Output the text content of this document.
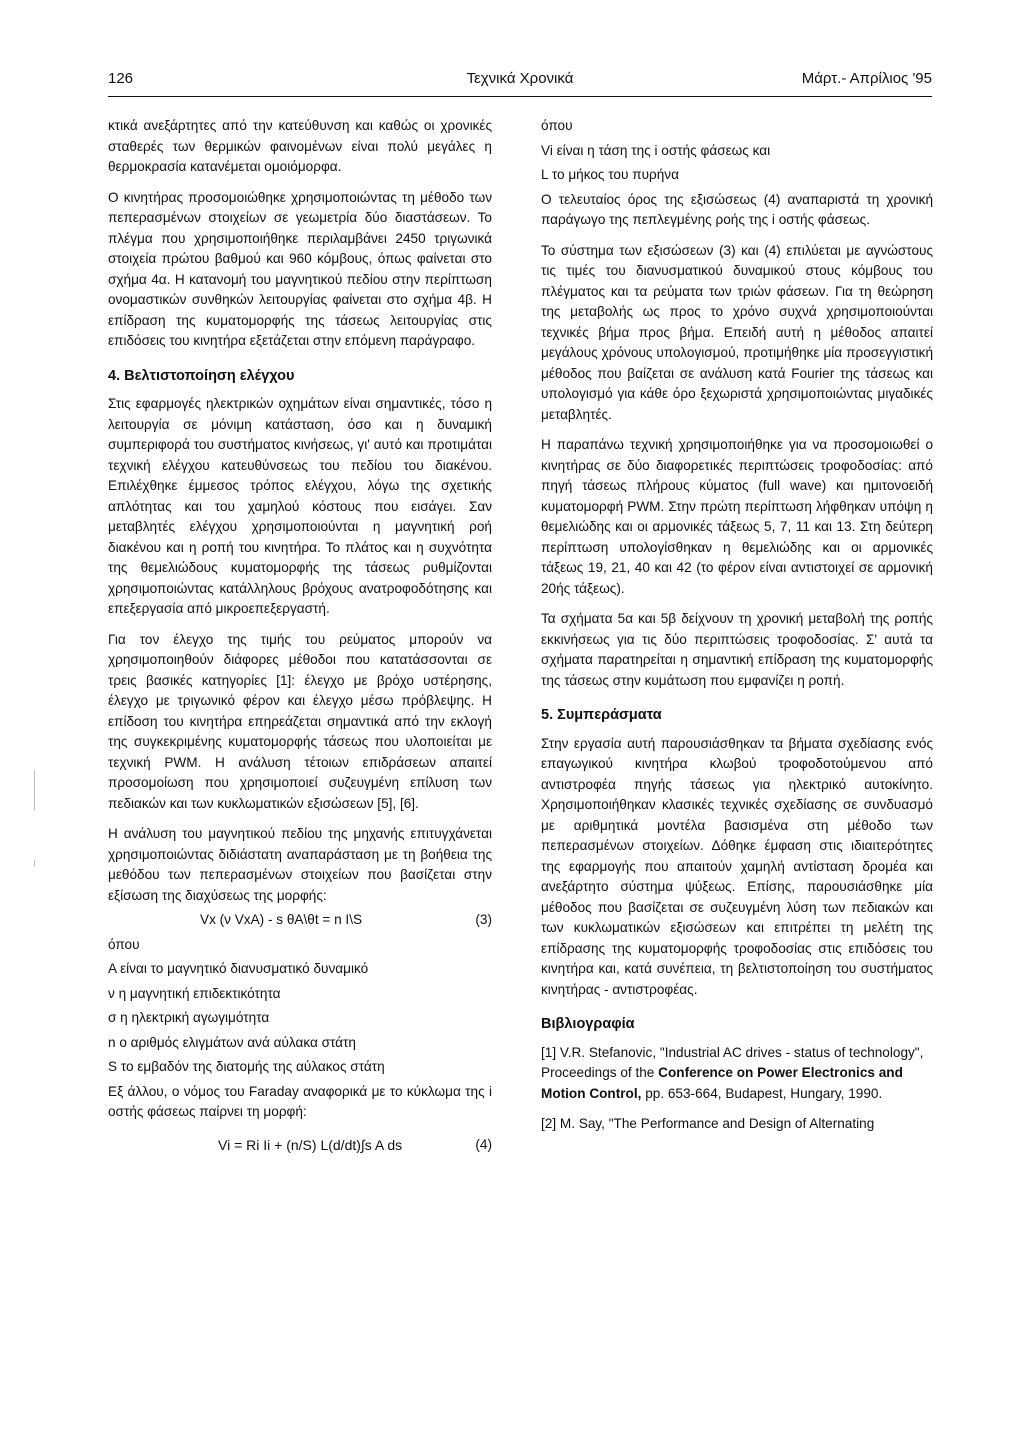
Τεχνικά Χρονικά
126	Μάρτ.- Απρίλιος '95

κτικά ανεξάρτητες από την κατεύθυνση και καθώς οι χρονικές σταθερές των θερμικών φαινομένων είναι πολύ μεγάλες η θερμοκρασία κατανέμεται ομοιόμορφα.

Ο κινητήρας προσομοιώθηκε χρησιμοποιώντας τη μέθοδο των πεπερασμένων στοιχείων σε γεωμετρία δύο διαστάσεων. Το πλέγμα που χρησιμοποιήθηκε περιλαμβάνει 2450 τριγωνικά στοιχεία πρώτου βαθμού και 960 κόμβους, όπως φαίνεται στο σχήμα 4α. Η κατανομή του μαγνητικού πεδίου στην περίπτωση ονομαστικών συνθηκών λειτουργίας φαίνεται στο σχήμα 4β. Η επίδραση της κυματομορφής της τάσεως λειτουργίας στις επιδόσεις του κινητήρα εξετάζεται στην επόμενη παράγραφο.

4. Βελτιστοποίηση ελέγχου

Στις εφαρμογές ηλεκτρικών οχημάτων είναι σημαντικές, τόσο η λειτουργία σε μόνιμη κατάσταση, όσο και η δυναμική συμπεριφορά του συστήματος κινήσεως, γι' αυτό και προτιμάται τεχνική ελέγχου κατευθύνσεως του πεδίου του διακένου. Επιλέχθηκε έμμεσος τρόπος ελέγχου, λόγω της σχετικής απλότητας και του χαμηλού κόστους που εισάγει. Σαν μεταβλητές ελέγχου χρησιμοποιούνται η μαγνητική ροή διακένου και η ροπή του κινητήρα. Το πλάτος και η συχνότητα της θεμελιώδους κυματομορφής της τάσεως ρυθμίζονται χρησιμοποιώντας κατάλληλους βρόχους ανατροφοδότησης και επεξεργασία από μικροεπεξεργαστή.

Για τον έλεγχο της τιμής του ρεύματος μπορούν να χρησιμοποιηθούν διάφορες μέθοδοι που κατατάσσονται σε τρεις βασικές κατηγορίες [1]: έλεγχο με βρόχο υστέρησης, έλεγχο με τριγωνικό φέρον και έλεγχο μέσω πρόβλεψης. Η επίδοση του κινητήρα επηρεάζεται σημαντικά από την εκλογή της συγκεκριμένης κυματομορφής τάσεως που υλοποιείται με τεχνική PWM. Η ανάλυση τέτοιων επιδράσεων απαιτεί προσομοίωση που χρησιμοποιεί συζευγμένη επίλυση των πεδιακών και των κυκλωματικών εξισώσεων [5], [6].

Η ανάλυση του μαγνητικού πεδίου της μηχανής επιτυγχάνεται χρησιμοποιώντας διδιάστατη αναπαράσταση με τη βοήθεια της μεθόδου των πεπερασμένων στοιχείων που βασίζεται στην εξίσωση της διαχύσεως της μορφής:

Vx (ν VxA) - s θA\θt = n I\S	(3)

όπου

A είναι το μαγνητικό διανυσματικό δυναμικό

ν η μαγνητική επιδεκτικότητα

σ η ηλεκτρική αγωγιμότητα

n ο αριθμός ελιγμάτων ανά αύλακα στάτη

S το εμβαδόν της διατομής της αύλακος στάτη

Εξ άλλου, ο νόμος του Faraday αναφορικά με το κύκλωμα της i οστής φάσεως παίρνει τη μορφή:

Vi = Ri Ii + (n/S) L(d/dt)∫s A ds	(4)

όπου

Vi είναι η τάση της i οστής φάσεως και

L το μήκος του πυρήνα

Ο τελευταίος όρος της εξισώσεως (4) αναπαριστά τη χρονική παράγωγο της πεπλεγμένης ροής της i οστής φάσεως.

Το σύστημα των εξισώσεων (3) και (4) επιλύεται με αγνώστους τις τιμές του διανυσματικού δυναμικού στους κόμβους του πλέγματος και τα ρεύματα των τριών φάσεων. Για τη θεώρηση της μεταβολής ως προς το χρόνο συχνά χρησιμοποιούνται τεχνικές βήμα προς βήμα. Επειδή αυτή η μέθοδος απαιτεί μεγάλους χρόνους υπολογισμού, προτιμήθηκε μία προσεγγιστική μέθοδος που βαίζεται σε ανάλυση κατά Fourier της τάσεως και υπολογισμό για κάθε όρο ξεχωριστά χρησιμοποιώντας μιγαδικές μεταβλητές.

Η παραπάνω τεχνική χρησιμοποιήθηκε για να προσομοιωθεί ο κινητήρας σε δύο διαφορετικές περιπτώσεις τροφοδοσίας: από πηγή τάσεως πλήρους κύματος (full wave) και ημιτονοειδή κυματομορφή PWM. Στην πρώτη περίπτωση λήφθηκαν υπόψη η θεμελιώδης και οι αρμονικές τάξεως 5, 7, 11 και 13. Στη δεύτερη περίπτωση υπολογίσθηκαν η θεμελιώδης και οι αρμονικές τάξεως 19, 21, 40 και 42 (το φέρον είναι αντιστοιχεί σε αρμονική 20ής τάξεως).

Τα σχήματα 5α και 5β δείχνουν τη χρονική μεταβολή της ροπής εκκινήσεως για τις δύο περιπτώσεις τροφοδοσίας. Σ' αυτά τα σχήματα παρατηρείται η σημαντική επίδραση της κυματομορφής της τάσεως στην κυμάτωση που εμφανίζει η ροπή.

5. Συμπεράσματα

Στην εργασία αυτή παρουσιάσθηκαν τα βήματα σχεδίασης ενός επαγωγικού κινητήρα κλωβού τροφοδοτούμενου από αντιστροφέα πηγής τάσεως για ηλεκτρικό αυτοκίνητο. Χρησιμοποιήθηκαν κλασικές τεχνικές σχεδίασης σε συνδυασμό με αριθμητικά μοντέλα βασισμένα στη μέθοδο των πεπερασμένων στοιχείων. Δόθηκε έμφαση στις ιδιαιτερότητες της εφαρμογής που απαιτούν χαμηλή αντίσταση δρομέα και ανεξάρτητο σύστημα ψύξεως. Επίσης, παρουσιάσθηκε μία μέθοδος που βασίζεται σε συζευγμένη λύση των πεδιακών και των κυκλωματικών εξισώσεων και επιτρέπει τη μελέτη της επίδρασης της κυματομορφής τροφοδοσίας στις επιδόσεις του κινητήρα και, κατά συνέπεια, τη βελτιστοποίηση του συστήματος κινητήρας - αντιστροφέας.

Βιβλιογραφία

[1] V.R. Stefanovic, "Industrial AC drives - status of technology", Proceedings of the Conference on Power Electronics and Motion Control, pp. 653-664, Budapest, Hungary, 1990.

[2] M. Say, "The Performance and Design of Alternating
